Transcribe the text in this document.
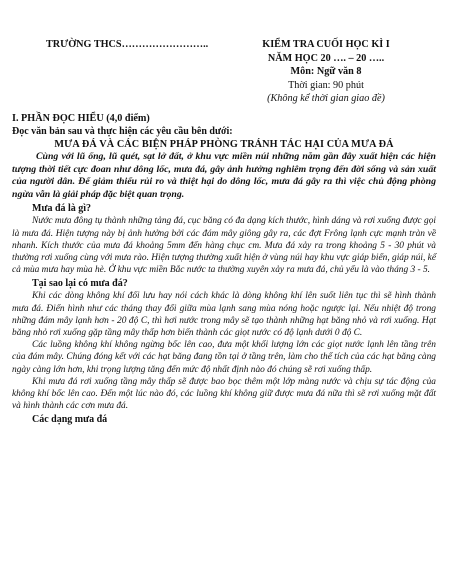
TRƯỜNG THCS……………………..	KIỂM TRA CUỐI HỌC KÌ I
NĂM HỌC 20 …. – 20 …..
Môn: Ngữ văn 8
Thời gian: 90 phút
(Không kể thời gian giao đề)
I. PHẦN ĐỌC HIỂU (4,0 điểm)
Đọc văn bản sau và thực hiện các yêu cầu bên dưới:
MƯA ĐÁ VÀ CÁC BIỆN PHÁP PHÒNG TRÁNH TÁC HẠI CỦA MƯA ĐÁ

Cùng với lũ ống, lũ quét, sạt lở đất, ở khu vực miền núi những năm gần đây xuất hiện các hiện tượng thời tiết cực đoan như dông lốc, mưa đá, gây ảnh hưởng nghiêm trọng đến đời sống và sản xuất của người dân. Để giảm thiểu rủi ro và thiệt hại do dông lốc, mưa đá gây ra thì việc chủ động phòng ngừa vẫn là giải pháp đặc biệt quan trọng.

Mưa đá là gì?

Nước mưa đông tụ thành những tảng đá, cục băng có đa dạng kích thước, hình dáng và rơi xuống được gọi là mưa đá. Hiện tượng này bị ảnh hưởng bởi các đám mây giông gây ra, các đợt Frông lạnh cực mạnh tràn về nhanh. Kích thước của mưa đá khoảng 5mm đến hàng chục cm. Mưa đá xảy ra trong khoảng 5 - 30 phút và thường rơi xuống cùng với mưa rào. Hiện tượng thường xuất hiện ở vùng núi hay khu vực giáp biển, giáp núi, kể cả mùa mưa hay mùa hè. Ở khu vực miền Bắc nước ta thường xuyên xảy ra mưa đá, chủ yếu là vào tháng 3 - 5.

Tại sao lại có mưa đá?

Khi các dòng không khí đối lưu hay nói cách khác là dòng không khí lên suốt liên tục thì sẽ hình thành mưa đá. Điển hình như các tháng thay đổi giữa mùa lạnh sang mùa nóng hoặc ngược lại. Nếu nhiệt độ trong những đám mây lạnh hơn - 20 độ C, thì hơi nước trong mây sẽ tạo thành những hạt băng nhỏ và rơi xuống. Hạt băng nhỏ rơi xuống gặp tầng mây thấp hơn biến thành các giọt nước có độ lạnh dưới 0 độ C.

Các luồng không khí không ngừng bốc lên cao, đưa một khối lượng lớn các giọt nước lạnh lên tầng trên của đám mây. Chúng đóng kết với các hạt băng đang tồn tại ở tầng trên, làm cho thể tích của các hạt băng càng ngày càng lớn hơn, khi trọng lượng tăng đến mức độ nhất định nào đó chúng sẽ rơi xuống thấp.

Khi mưa đá rơi xuống tầng mây thấp sẽ được bao bọc thêm một lớp màng nước và chịu sự tác động của không khí bốc lên cao. Đến một lúc nào đó, các luồng khí không giữ được mưa đá nữa thì sẽ rơi xuống mặt đất và hình thành các cơn mưa đá.

Các dạng mưa đá
